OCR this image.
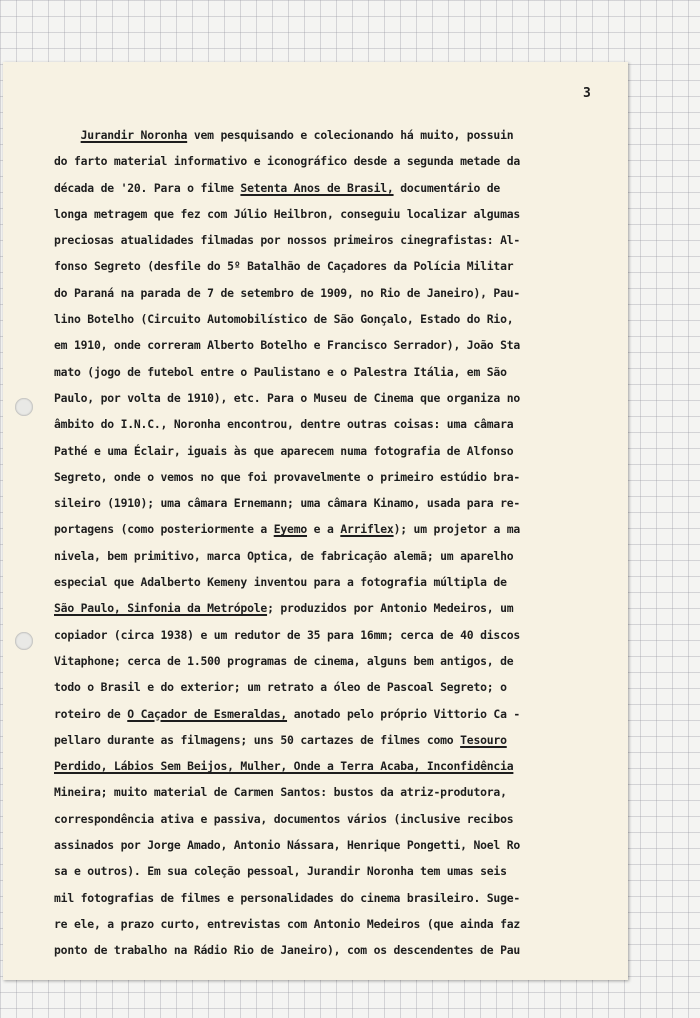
3
Jurandir Noronha vem pesquisando e colecionando há muito, possuin
do farto material informativo e iconográfico desde a segunda metade da
década de '20. Para o filme Setenta Anos de Brasil, documentário de
longa metragem que fez com Júlio Heilbron, conseguiu localizar algumas
preciosas atualidades filmadas por nossos primeiros cinegrafistas: Al-
fonso Segreto (desfile do 5º Batalhão de Caçadores da Polícia Militar
do Paraná na parada de 7 de setembro de 1909, no Rio de Janeiro), Pau-
lino Botelho (Circuito Automobilístico de São Gonçalo, Estado do Rio,
em 1910, onde correram Alberto Botelho e Francisco Serrador), João Sta
mato (jogo de futebol entre o Paulistano e o Palestra Itália, em São
Paulo, por volta de 1910), etc. Para o Museu de Cinema que organiza no
âmbito do I.N.C., Noronha encontrou, dentre outras coisas: uma câmara
Pathé e uma Éclair, iguais às que aparecem numa fotografia de Alfonso
Segreto, onde o vemos no que foi provavelmente o primeiro estúdio bra-
sileiro (1910); uma câmara Ernemann; uma câmara Kinamo, usada para re-
portagens (como posteriormente a Eyemo e a Arriflex); um projetor a ma
nivela, bem primitivo, marca Optica, de fabricação alemã; um aparelho
especial que Adalberto Kemeny inventou para a fotografia múltipla de
São Paulo, Sinfonia da Metrópole; produzidos por Antonio Medeiros, um
copiador (circa 1938) e um redutor de 35 para 16mm; cerca de 40 discos
Vitaphone; cerca de 1.500 programas de cinema, alguns bem antigos, de
todo o Brasil e do exterior; um retrato a óleo de Pascoal Segreto; o
roteiro de O Caçador de Esmeraldas, anotado pelo próprio Vittorio Ca -
pellaro durante as filmagens; uns 50 cartazes de filmes como Tesouro
Perdido, Lábios Sem Beijos, Mulher, Onde a Terra Acaba, Inconfidência
Mineira; muito material de Carmen Santos: bustos da atriz-produtora,
correspondência ativa e passiva, documentos vários (inclusive recibos
assinados por Jorge Amado, Antonio Nássara, Henrique Pongetti, Noel Ro
sa e outros). Em sua coleção pessoal, Jurandir Noronha tem umas seis
mil fotografias de filmes e personalidades do cinema brasileiro. Suge-
re ele, a prazo curto, entrevistas com Antonio Medeiros (que ainda faz
ponto de trabalho na Rádio Rio de Janeiro), com os descendentes de Pau
